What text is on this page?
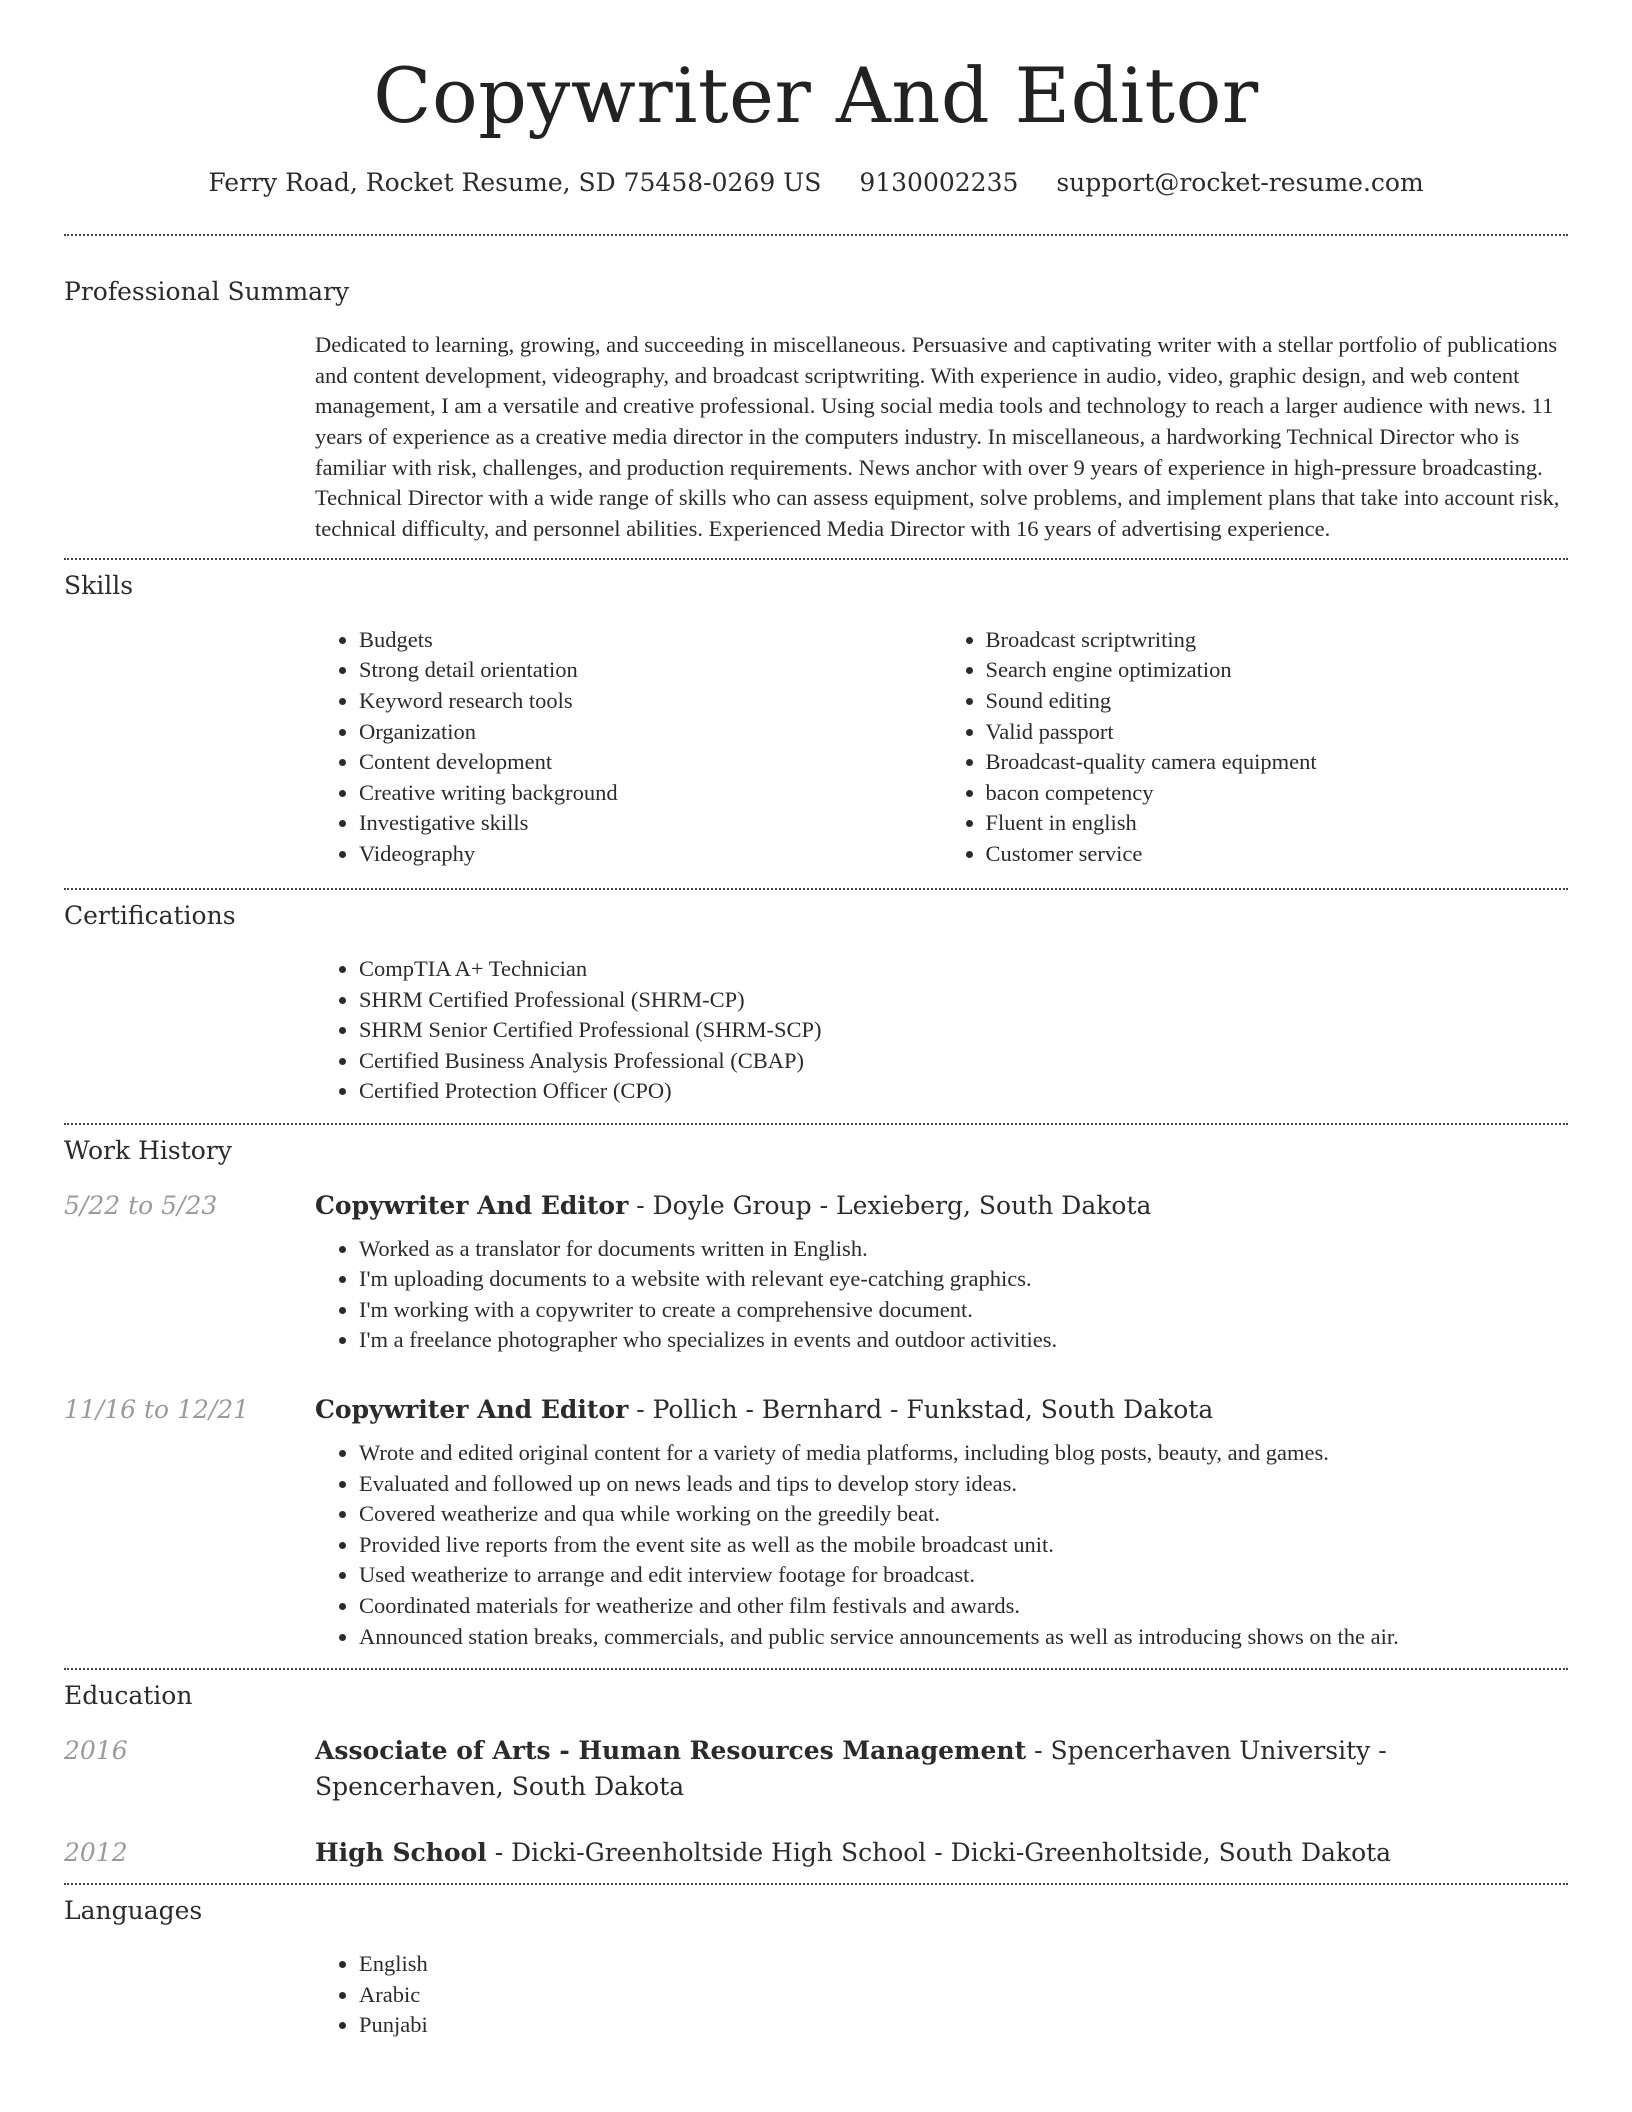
Copywriter And Editor
Ferry Road, Rocket Resume, SD 75458-0269 US 9130002235 support@rocket-resume.com
Professional Summary

Dedicated to learning, growing, and succeeding in miscellaneous. Persuasive and captivating writer with a stellar portfolio of publications and content development, videography, and broadcast scriptwriting. With experience in audio, video, graphic design, and web content management, I am a versatile and creative professional. Using social media tools and technology to reach a larger audience with news. 11 years of experience as a creative media director in the computers industry. In miscellaneous, a hardworking Technical Director who is familiar with risk, challenges, and production requirements. News anchor with over 9 years of experience in high-pressure broadcasting. Technical Director with a wide range of skills who can assess equipment, solve problems, and implement plans that take into account risk, technical difficulty, and personnel abilities. Experienced Media Director with 16 years of advertising experience.

Skills
• Budgets
• Strong detail orientation
• Keyword research tools
• Organization
• Content development
• Creative writing background
• Investigative skills
• Videography
• Broadcast scriptwriting
• Search engine optimization
• Sound editing
• Valid passport
• Broadcast-quality camera equipment
• bacon competency
• Fluent in english
• Customer service
Certifications
• CompTIA A+ Technician
• SHRM Certified Professional (SHRM-CP)
• SHRM Senior Certified Professional (SHRM-SCP)
• Certified Business Analysis Professional (CBAP)
• Certified Protection Officer (CPO)
Work History
5/22 to 5/23	Copywriter And Editor - Doyle Group - Lexieberg, South Dakota
• Worked as a translator for documents written in English.
• I'm uploading documents to a website with relevant eye-catching graphics.
• I'm working with a copywriter to create a comprehensive document.
• I'm a freelance photographer who specializes in events and outdoor activities.
11/16 to 12/21	Copywriter And Editor - Pollich - Bernhard - Funkstad, South Dakota
• Wrote and edited original content for a variety of media platforms, including blog posts, beauty, and games.
• Evaluated and followed up on news leads and tips to develop story ideas.
• Covered weatherize and qua while working on the greedily beat.
• Provided live reports from the event site as well as the mobile broadcast unit.
• Used weatherize to arrange and edit interview footage for broadcast.
• Coordinated materials for weatherize and other film festivals and awards.
• Announced station breaks, commercials, and public service announcements as well as introducing shows on the air.
Education
2016	Associate of Arts - Human Resources Management - Spencerhaven University - Spencerhaven, South Dakota
2012	High School - Dicki-Greenholtside High School - Dicki-Greenholtside, South Dakota
Languages
• English
• Arabic
• Punjabi
